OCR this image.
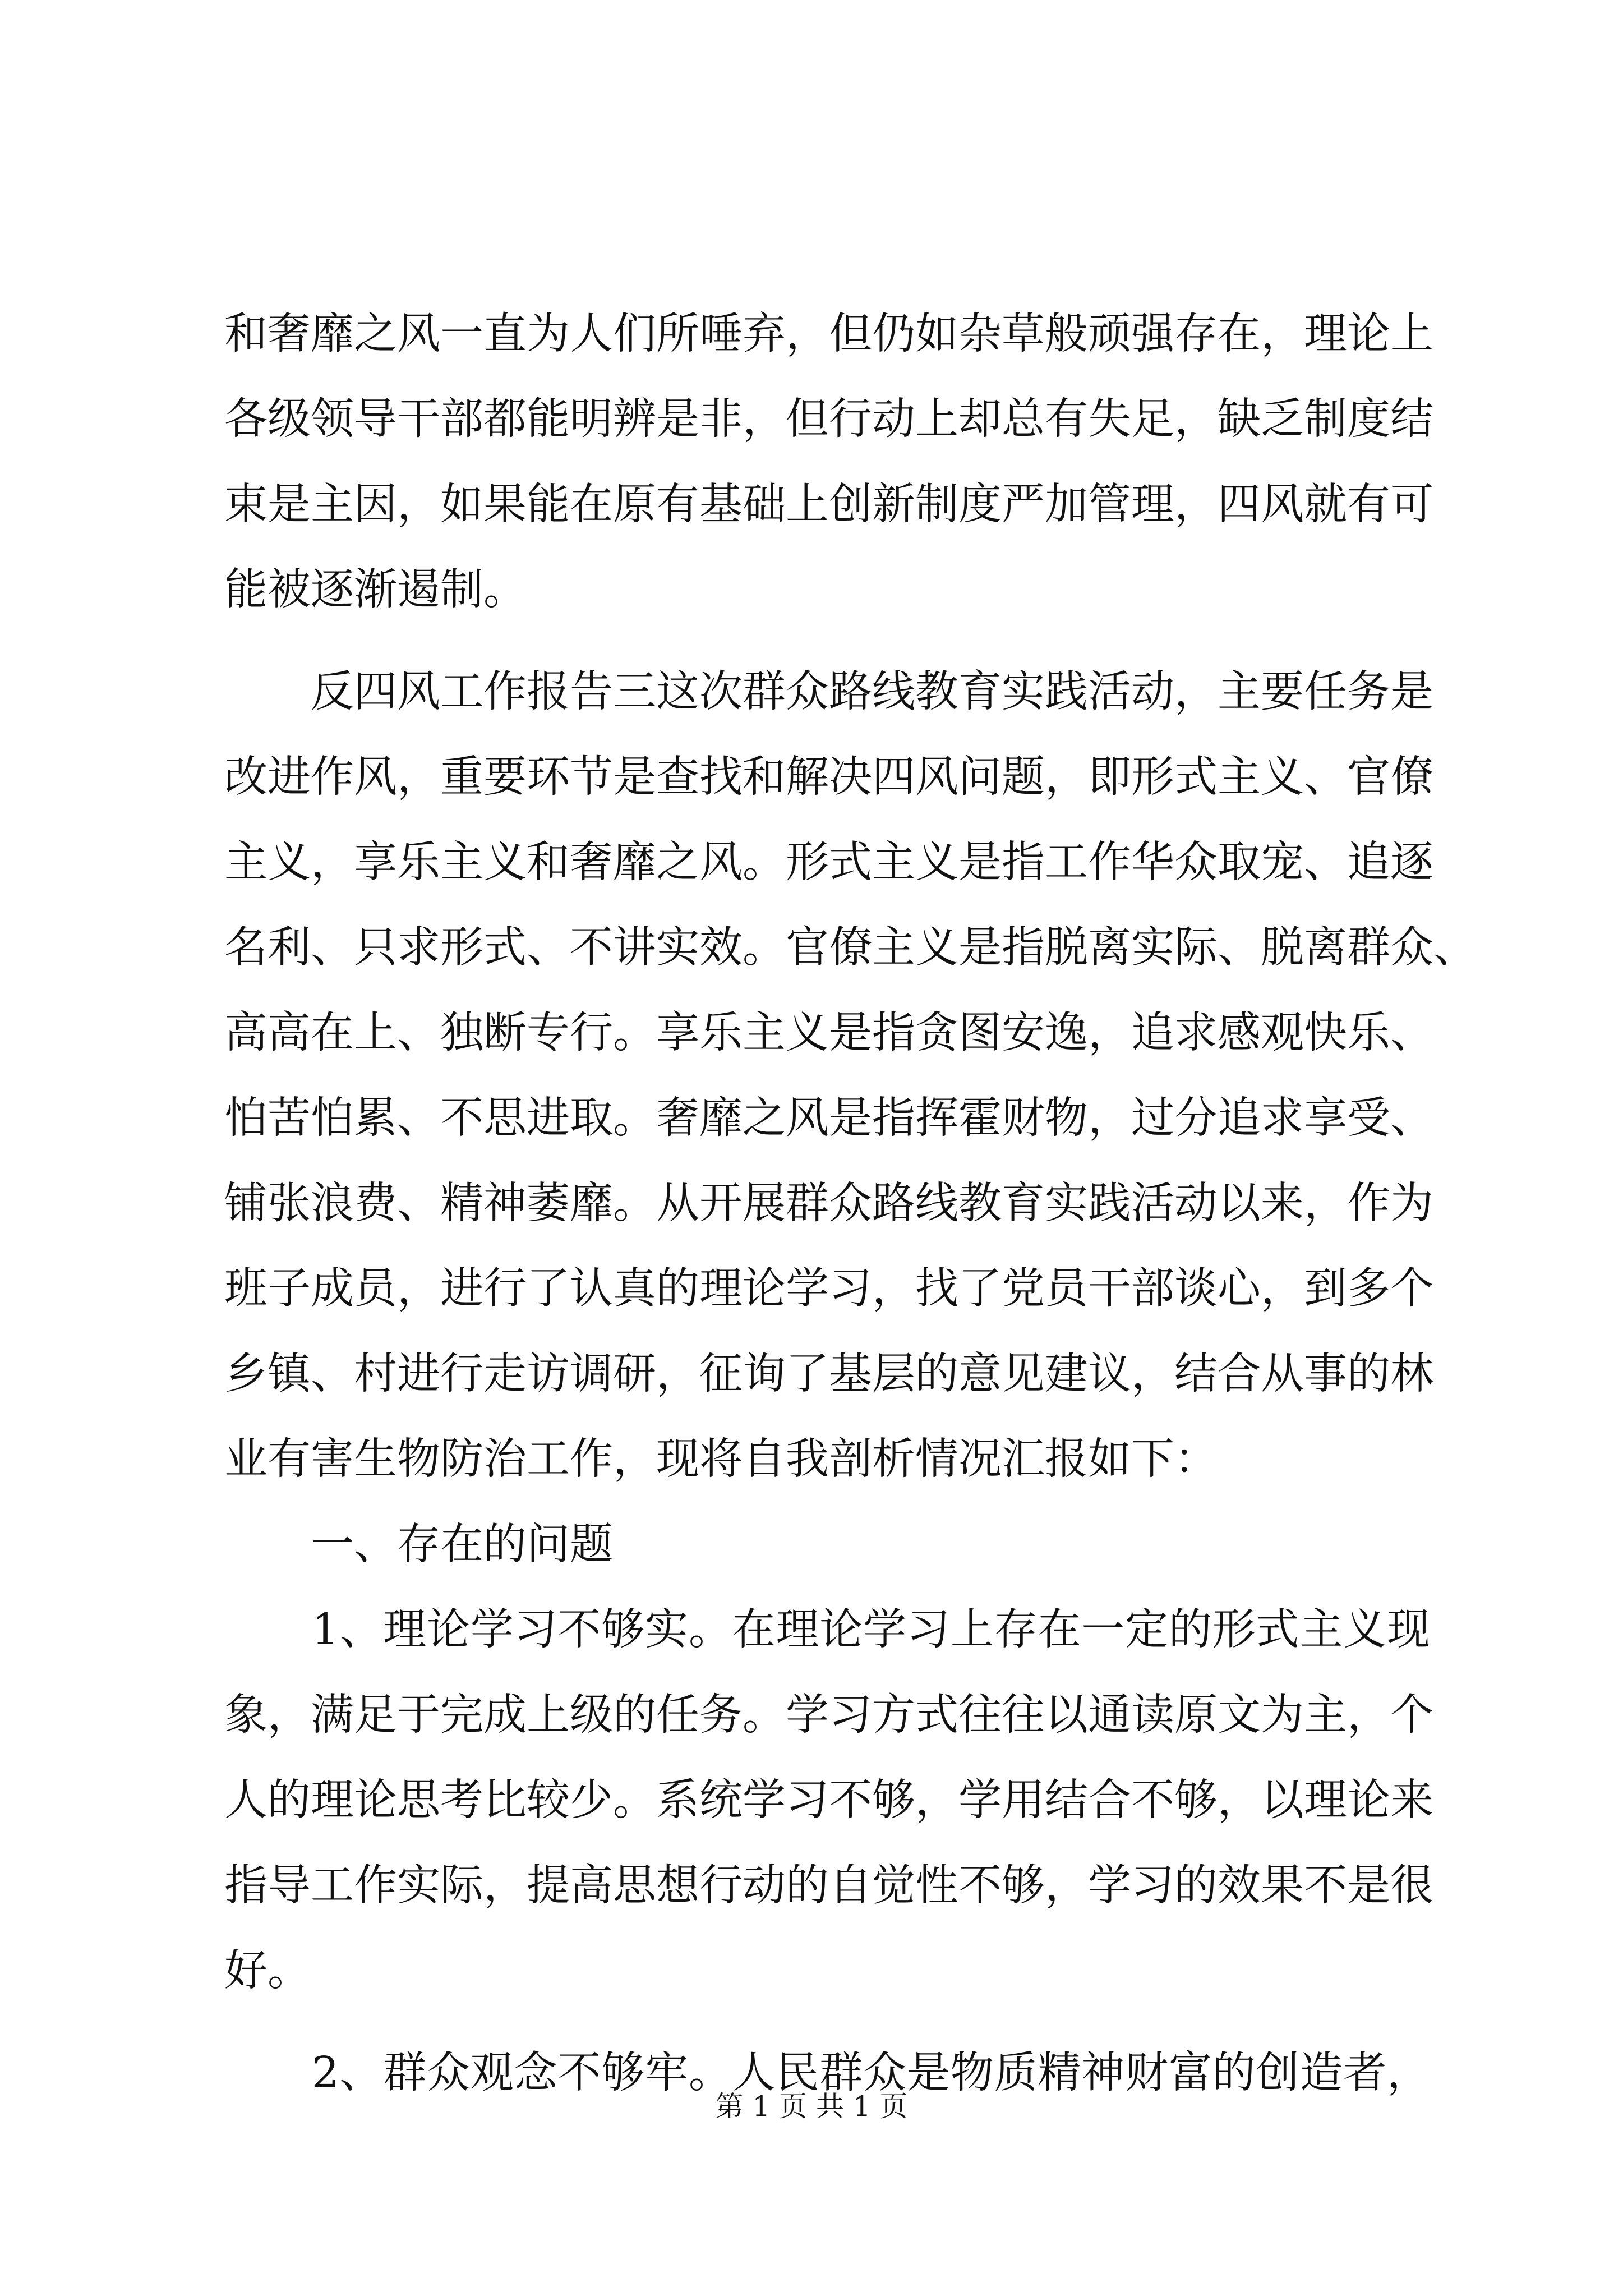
和奢靡之风一直为人们所唾弃，但仍如杂草般顽强存在，理论上
各级领导干部都能明辨是非，但行动上却总有失足，缺乏制度结
束是主因，如果能在原有基础上创新制度严加管理，四风就有可
能被逐渐遏制。
　　反四风工作报告三这次群众路线教育实践活动，主要任务是
改进作风，重要环节是查找和解决四风问题，即形式主义、官僚
主义，享乐主义和奢靡之风。形式主义是指工作华众取宠、追逐
名利、只求形式、不讲实效。官僚主义是指脱离实际、脱离群众、
高高在上、独断专行。享乐主义是指贪图安逸，追求感观快乐、
怕苦怕累、不思进取。奢靡之风是指挥霍财物，过分追求享受、
铺张浪费、精神萎靡。从开展群众路线教育实践活动以来，作为
班子成员，进行了认真的理论学习，找了党员干部谈心，到多个
乡镇、村进行走访调研，征询了基层的意见建议，结合从事的林
业有害生物防治工作，现将自我剖析情况汇报如下：
　　一、存在的问题
　　1、理论学习不够实。在理论学习上存在一定的形式主义现
象，满足于完成上级的任务。学习方式往往以通读原文为主，个
人的理论思考比较少。系统学习不够，学用结合不够，以理论来
指导工作实际，提高思想行动的自觉性不够，学习的效果不是很
好。
　　2、群众观念不够牢。人民群众是物质精神财富的创造者，
第 1 页 共 1 页
